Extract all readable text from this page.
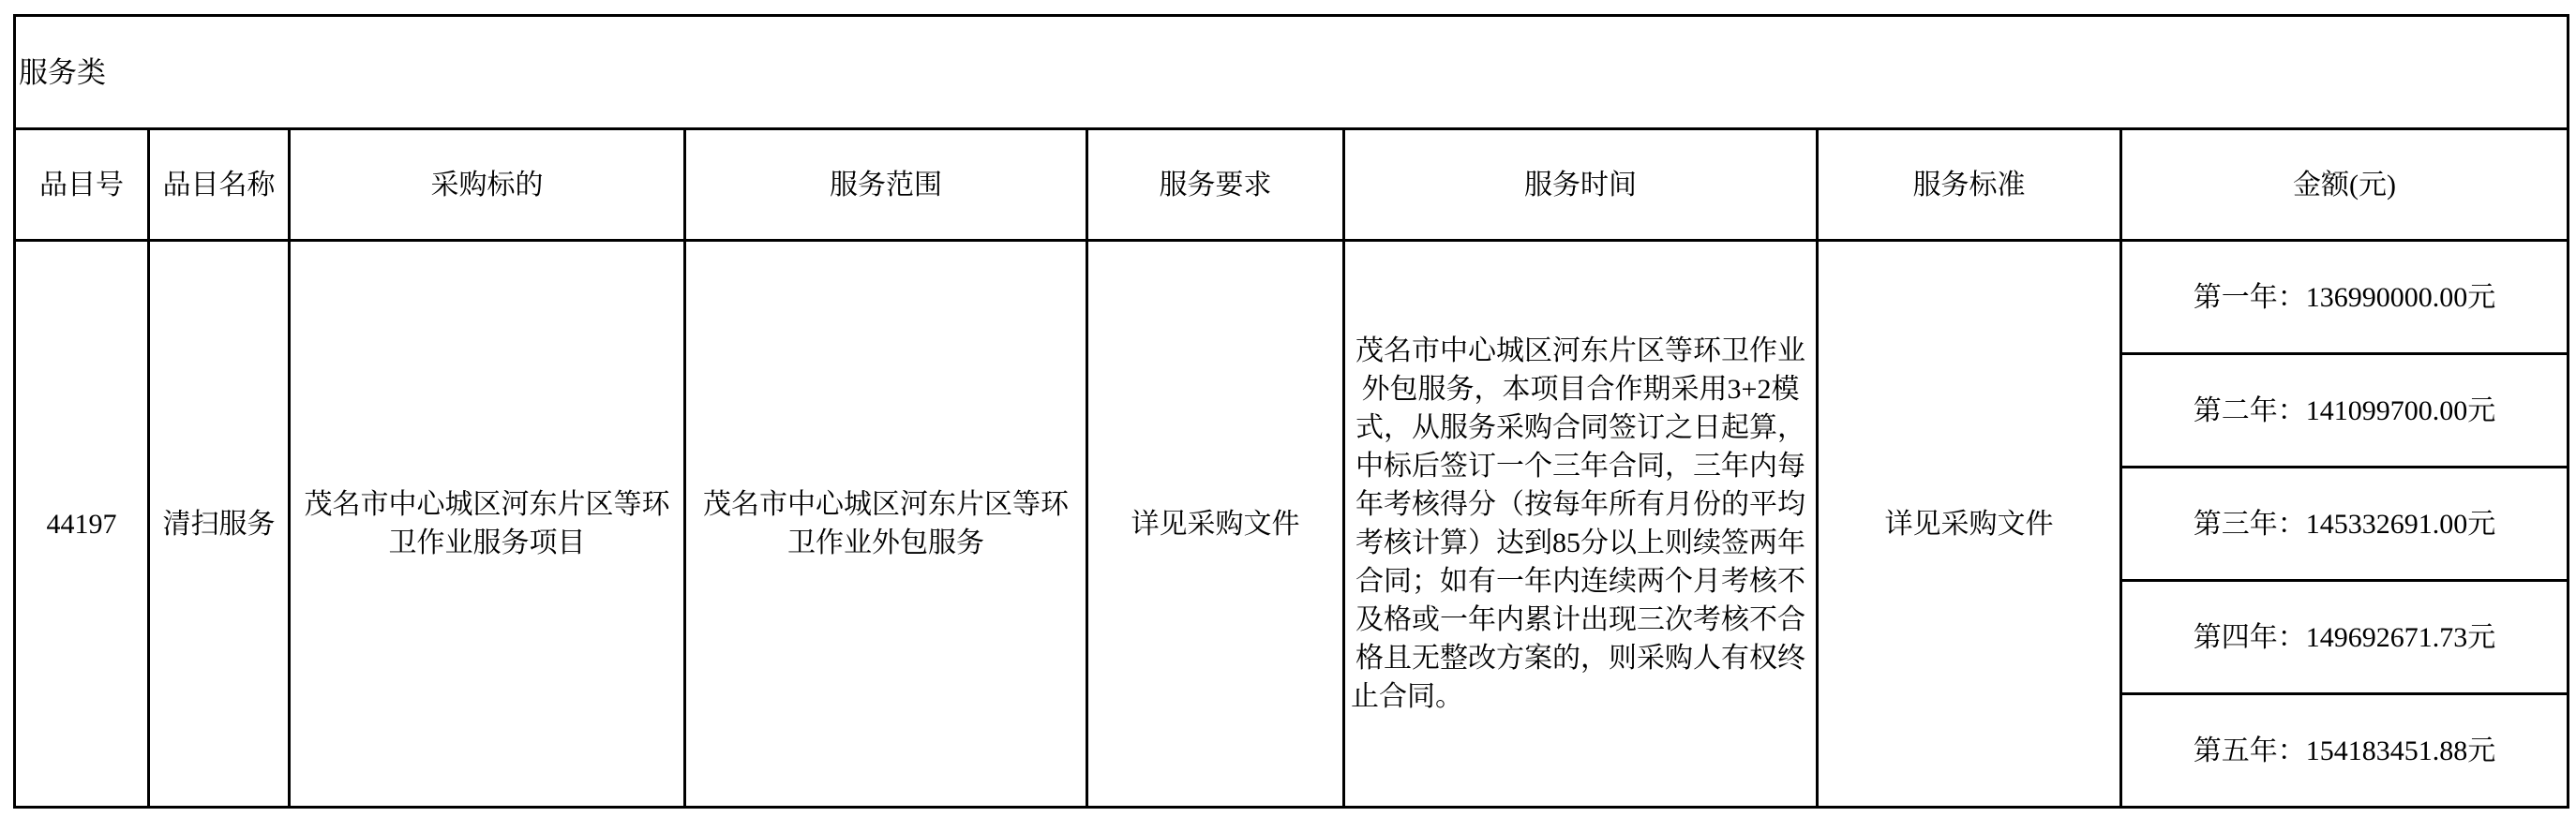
服务类							
品目号	品目名称	采购标的	服务范围	服务要求	服务时间	服务标准	金额(元)
44197	清扫服务	茂名市中心城区河东片区等环卫作业服务项目	茂名市中心城区河东片区等环卫作业外包服务	详见采购文件	茂名市中心城区河东片区等环卫作业外包服务，本项目合作期采用3+2模式，从服务采购合同签订之日起算，中标后签订一个三年合同，三年内每年考核得分（按每年所有月份的平均考核计算）达到85分以上则续签两年合同；如有一年内连续两个月考核不及格或一年内累计出现三次考核不合格且无整改方案的，则采购人有权终止合同。	详见采购文件	第一年：136990000.00元
							第二年：141099700.00元
							第三年：145332691.00元
							第四年：149692671.73元
							第五年：154183451.88元
